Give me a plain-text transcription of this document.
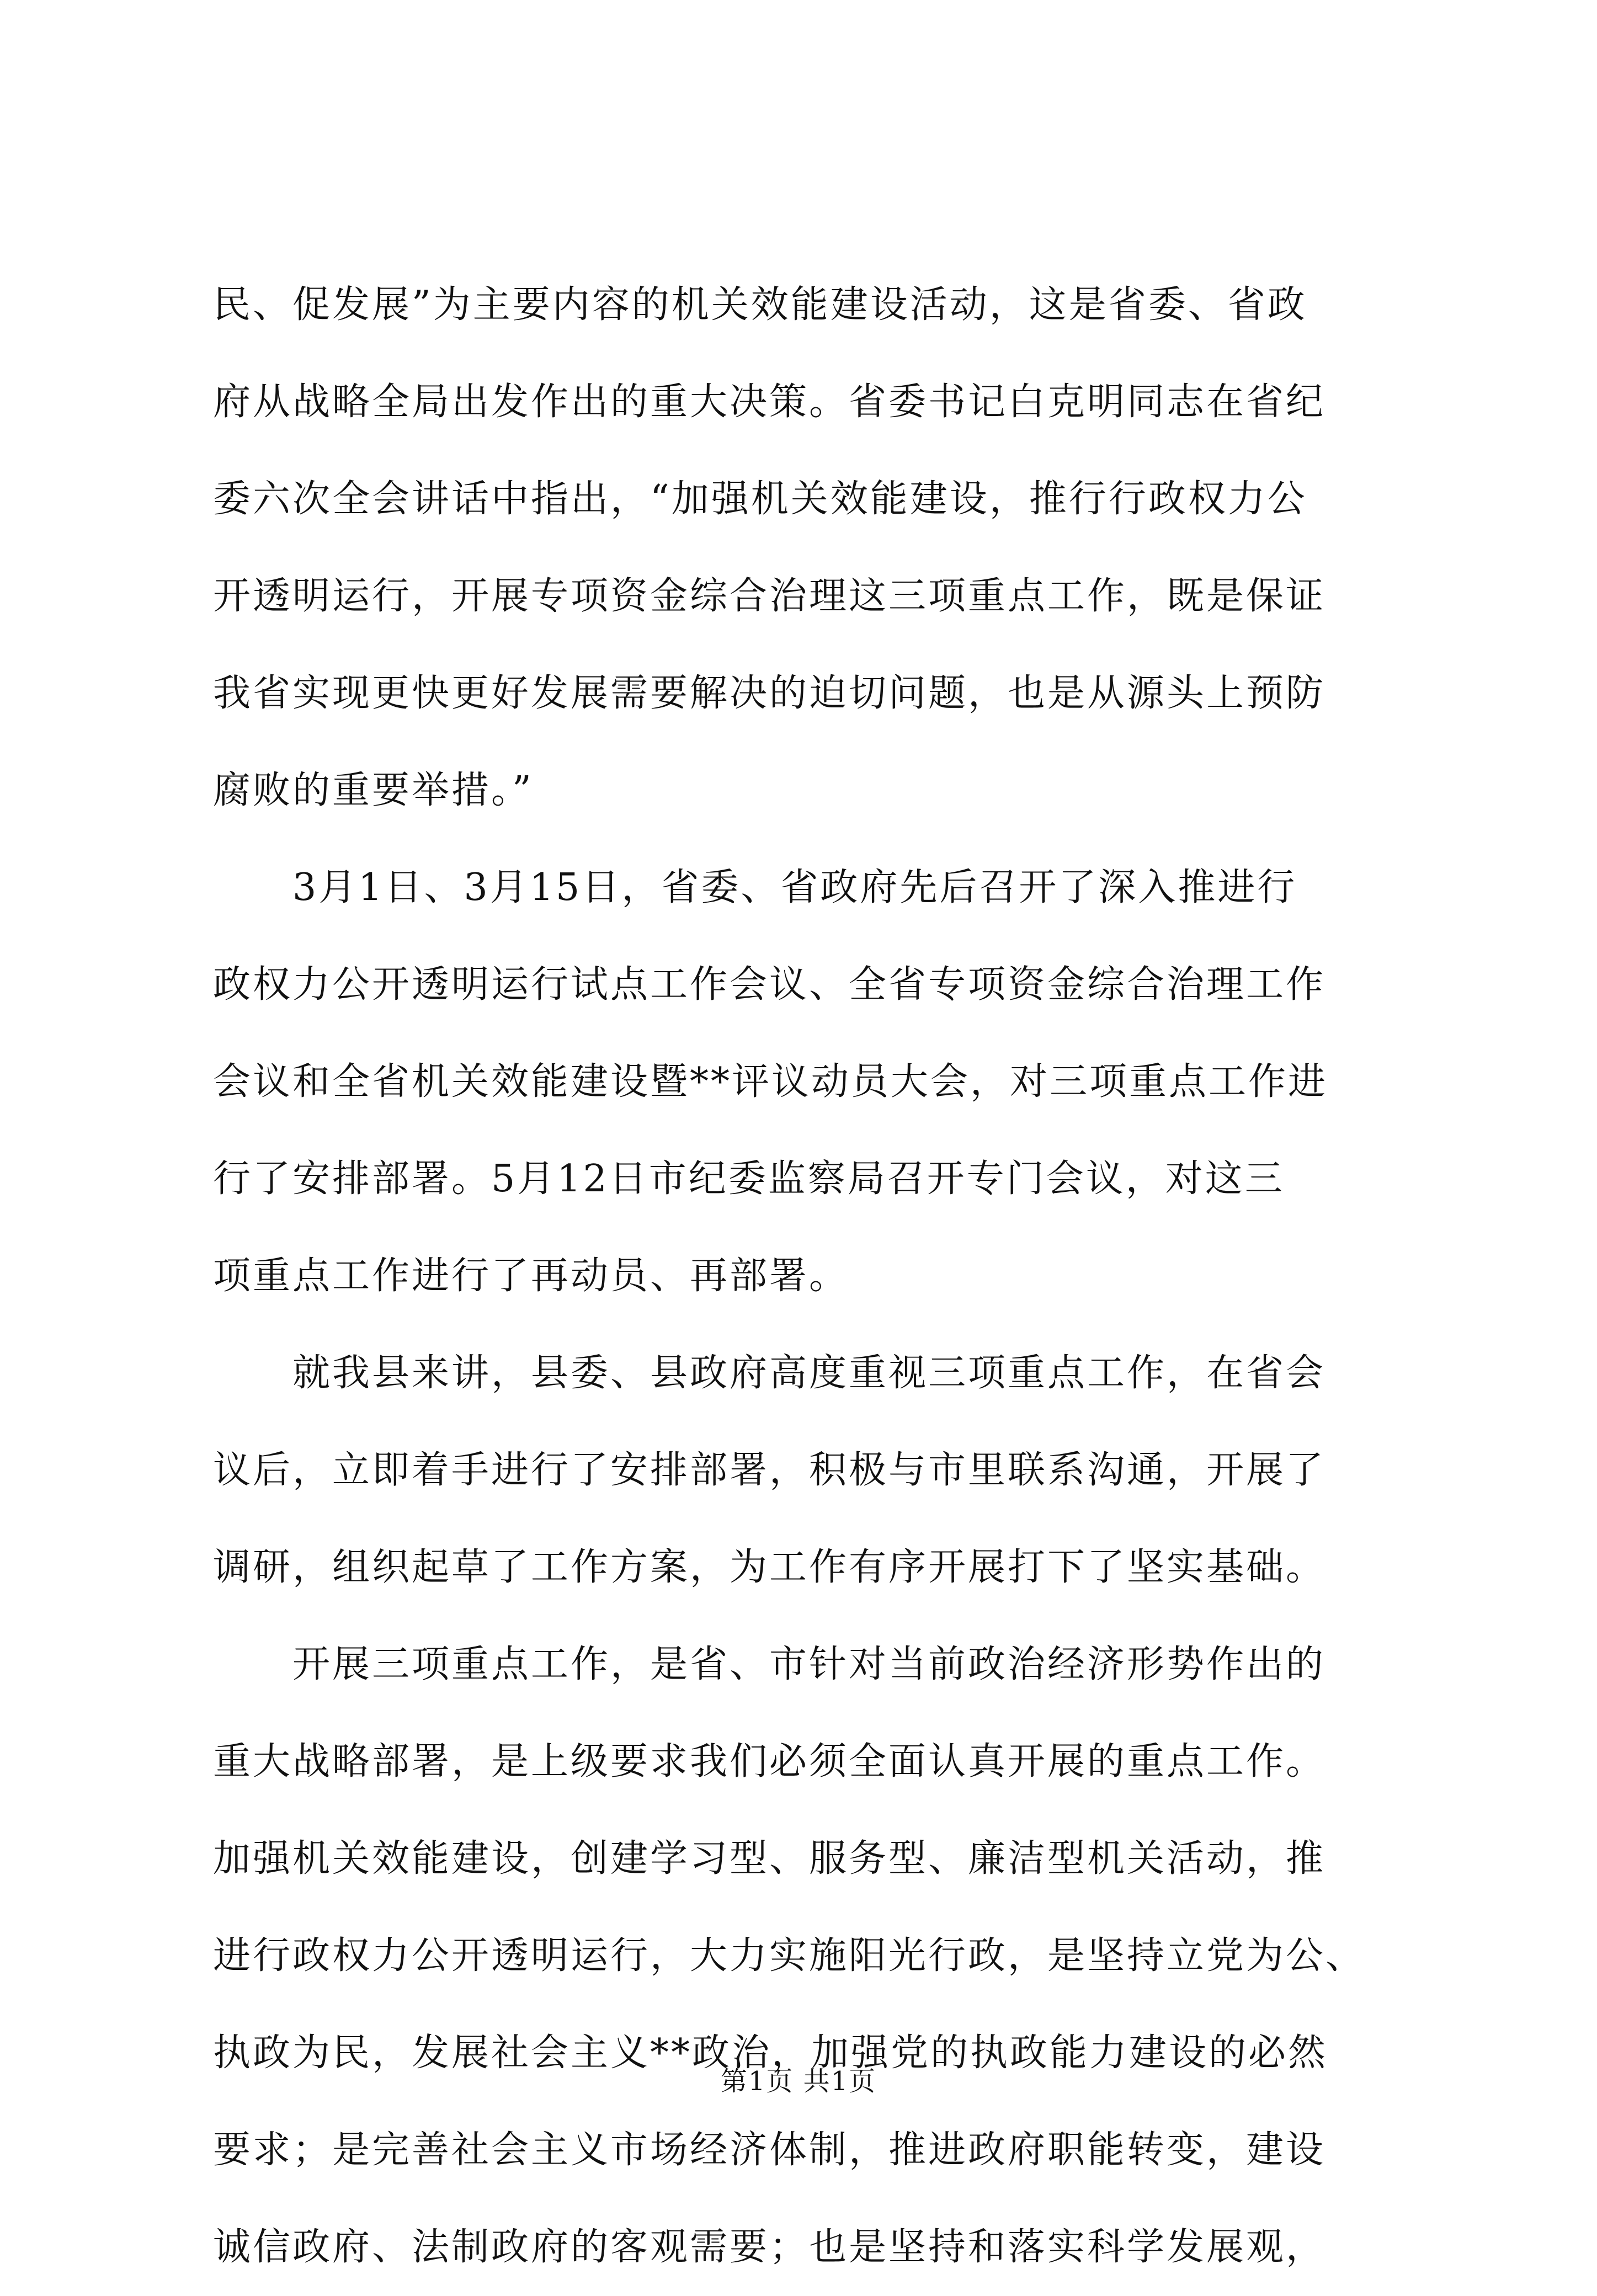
民、促发展”为主要内容的机关效能建设活动，这是省委、省政
府从战略全局出发作出的重大决策。省委书记白克明同志在省纪
委六次全会讲话中指出，“加强机关效能建设，推行行政权力公
开透明运行，开展专项资金综合治理这三项重点工作，既是保证
我省实现更快更好发展需要解决的迫切问题，也是从源头上预防
腐败的重要举措。”
3月1日、3月15日，省委、省政府先后召开了深入推进行
政权力公开透明运行试点工作会议、全省专项资金综合治理工作
会议和全省机关效能建设暨**评议动员大会，对三项重点工作进
行了安排部署。5月12日市纪委监察局召开专门会议，对这三
项重点工作进行了再动员、再部署。
就我县来讲，县委、县政府高度重视三项重点工作，在省会
议后，立即着手进行了安排部署，积极与市里联系沟通，开展了
调研，组织起草了工作方案，为工作有序开展打下了坚实基础。
开展三项重点工作，是省、市针对当前政治经济形势作出的
重大战略部署，是上级要求我们必须全面认真开展的重点工作。
加强机关效能建设，创建学习型、服务型、廉洁型机关活动，推
进行政权力公开透明运行，大力实施阳光行政，是坚持立党为公、
执政为民，发展社会主义**政治，加强党的执政能力建设的必然
要求；是完善社会主义市场经济体制，推进政府职能转变，建设
诚信政府、法制政府的客观需要；也是坚持和落实科学发展观，
第1页 共1页
